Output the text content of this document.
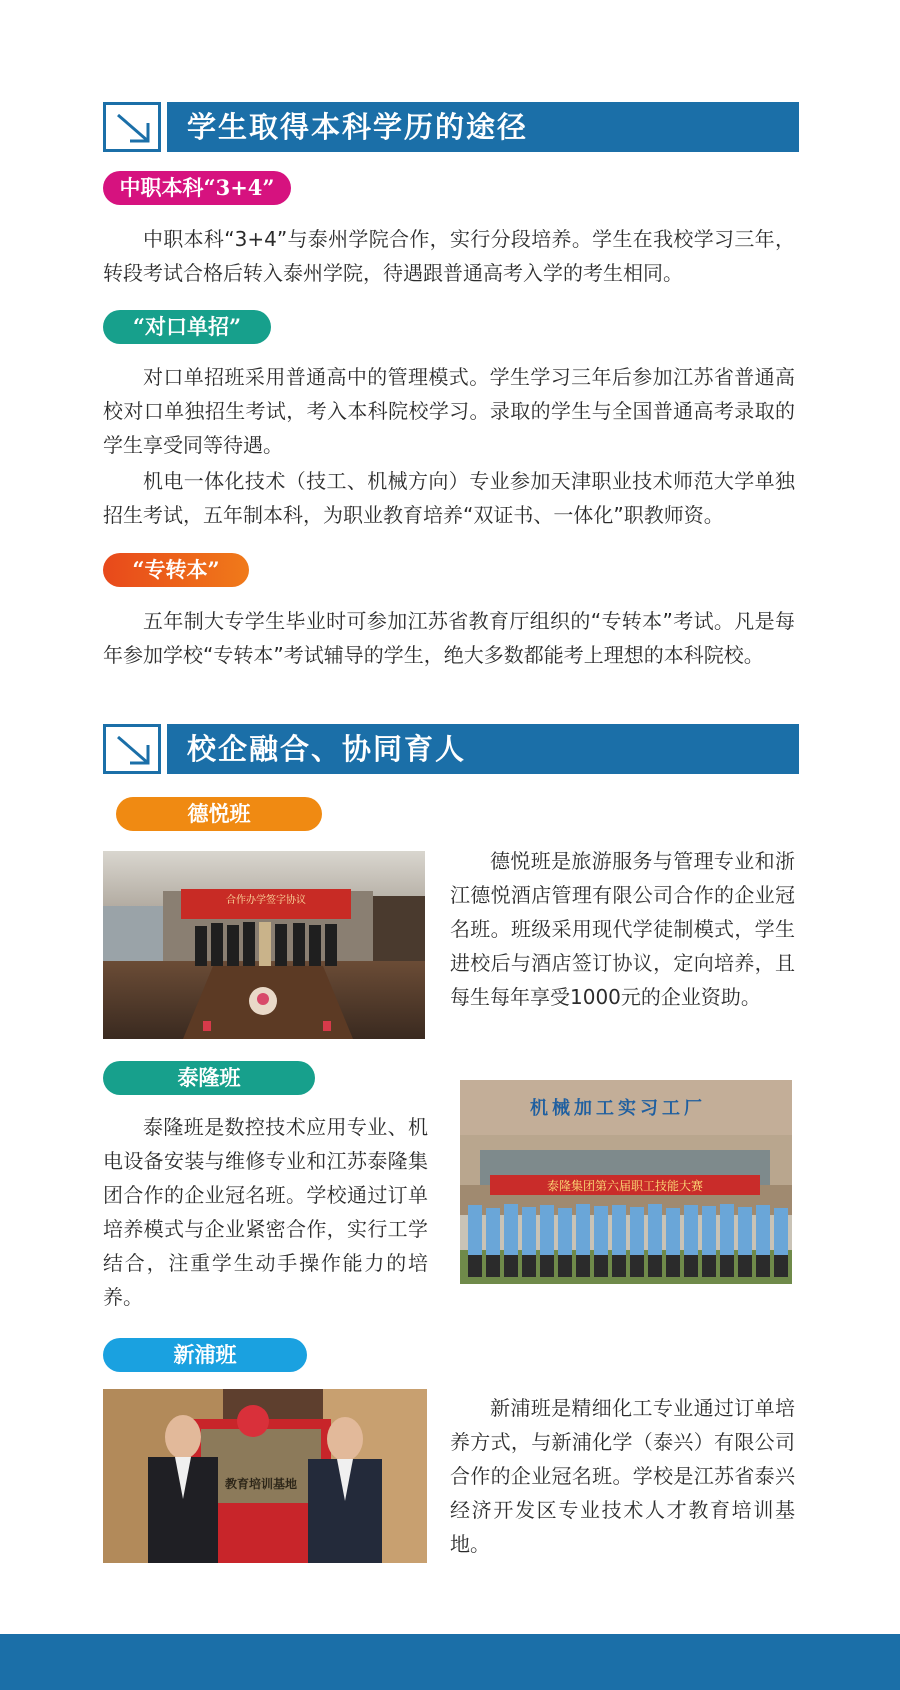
学生取得本科学历的途径
中职本科“3+4”

中职本科“3+4”与泰州学院合作，实行分段培养。学生在我校学习三年，转段考试合格后转入泰州学院，待遇跟普通高考入学的考生相同。

“对口单招”

对口单招班采用普通高中的管理模式。学生学习三年后参加江苏省普通高校对口单独招生考试，考入本科院校学习。录取的学生与全国普通高考录取的学生享受同等待遇。

机电一体化技术（技工、机械方向）专业参加天津职业技术师范大学单独招生考试，五年制本科，为职业教育培养“双证书、一体化”职教师资。

“专转本”

五年制大专学生毕业时可参加江苏省教育厅组织的“专转本”考试。凡是每年参加学校“专转本”考试辅导的学生，绝大多数都能考上理想的本科院校。

校企融合、协同育人
德悦班
合作办学签字协议

德悦班是旅游服务与管理专业和浙江德悦酒店管理有限公司合作的企业冠名班。班级采用现代学徒制模式，学生进校后与酒店签订协议，定向培养，且每生每年享受1000元的企业资助。

泰隆班
机械加工实习工厂
泰隆集团第六届职工技能大赛

泰隆班是数控技术应用专业、机电设备安装与维修专业和江苏泰隆集团合作的企业冠名班。学校通过订单培养模式与企业紧密合作，实行工学结合，注重学生动手操作能力的培养。

新浦班
教育培训基地

新浦班是精细化工专业通过订单培养方式，与新浦化学（泰兴）有限公司合作的企业冠名班。学校是江苏省泰兴经济开发区专业技术人才教育培训基地。
